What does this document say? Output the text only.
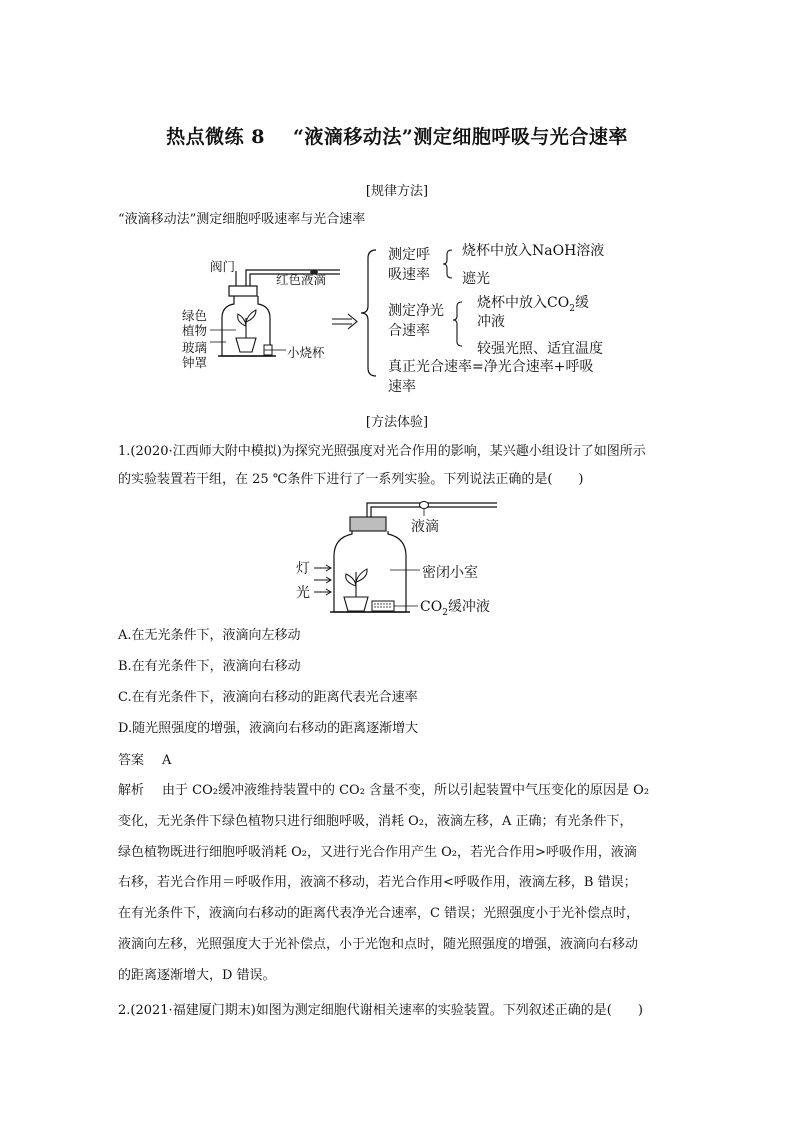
热点微练 8 “液滴移动法”测定细胞呼吸与光合速率
[规律方法]
“液滴移动法”测定细胞呼吸速率与光合速率
阀门
红色液滴
绿色
植物
玻璃
钟罩
小烧杯
测定呼
吸速率
烧杯中放入NaOH溶液
遮光
测定净光
合速率
烧杯中放入$CO_2$缓
冲液
较强光照、适宜温度
真正光合速率=净光合速率+呼吸
速率
[方法体验]
1.(2020·江西师大附中模拟)为探究光照强度对光合作用的影响，某兴趣小组设计了如图所示
的实验装置若干组，在 25 ℃条件下进行了一系列实验。下列说法正确的是(　　)
液滴
灯
光
密闭小室
$CO_2$缓冲液
A.在无光条件下，液滴向左移动
B.在有光条件下，液滴向右移动
C.在有光条件下，液滴向右移动的距离代表光合速率
D.随光照强度的增强，液滴向右移动的距离逐渐增大
答案 A
解析 由于 CO₂缓冲液维持装置中的 CO₂ 含量不变，所以引起装置中气压变化的原因是 O₂
变化，无光条件下绿色植物只进行细胞呼吸，消耗 O₂，液滴左移，A 正确；有光条件下，
绿色植物既进行细胞呼吸消耗 O₂，又进行光合作用产生 O₂，若光合作用>呼吸作用，液滴
右移，若光合作用＝呼吸作用，液滴不移动，若光合作用<呼吸作用，液滴左移，B 错误；
在有光条件下，液滴向右移动的距离代表净光合速率，C 错误；光照强度小于光补偿点时，
液滴向左移，光照强度大于光补偿点，小于光饱和点时，随光照强度的增强，液滴向右移动
的距离逐渐增大，D 错误。
2.(2021·福建厦门期末)如图为测定细胞代谢相关速率的实验装置。下列叙述正确的是(　　)
